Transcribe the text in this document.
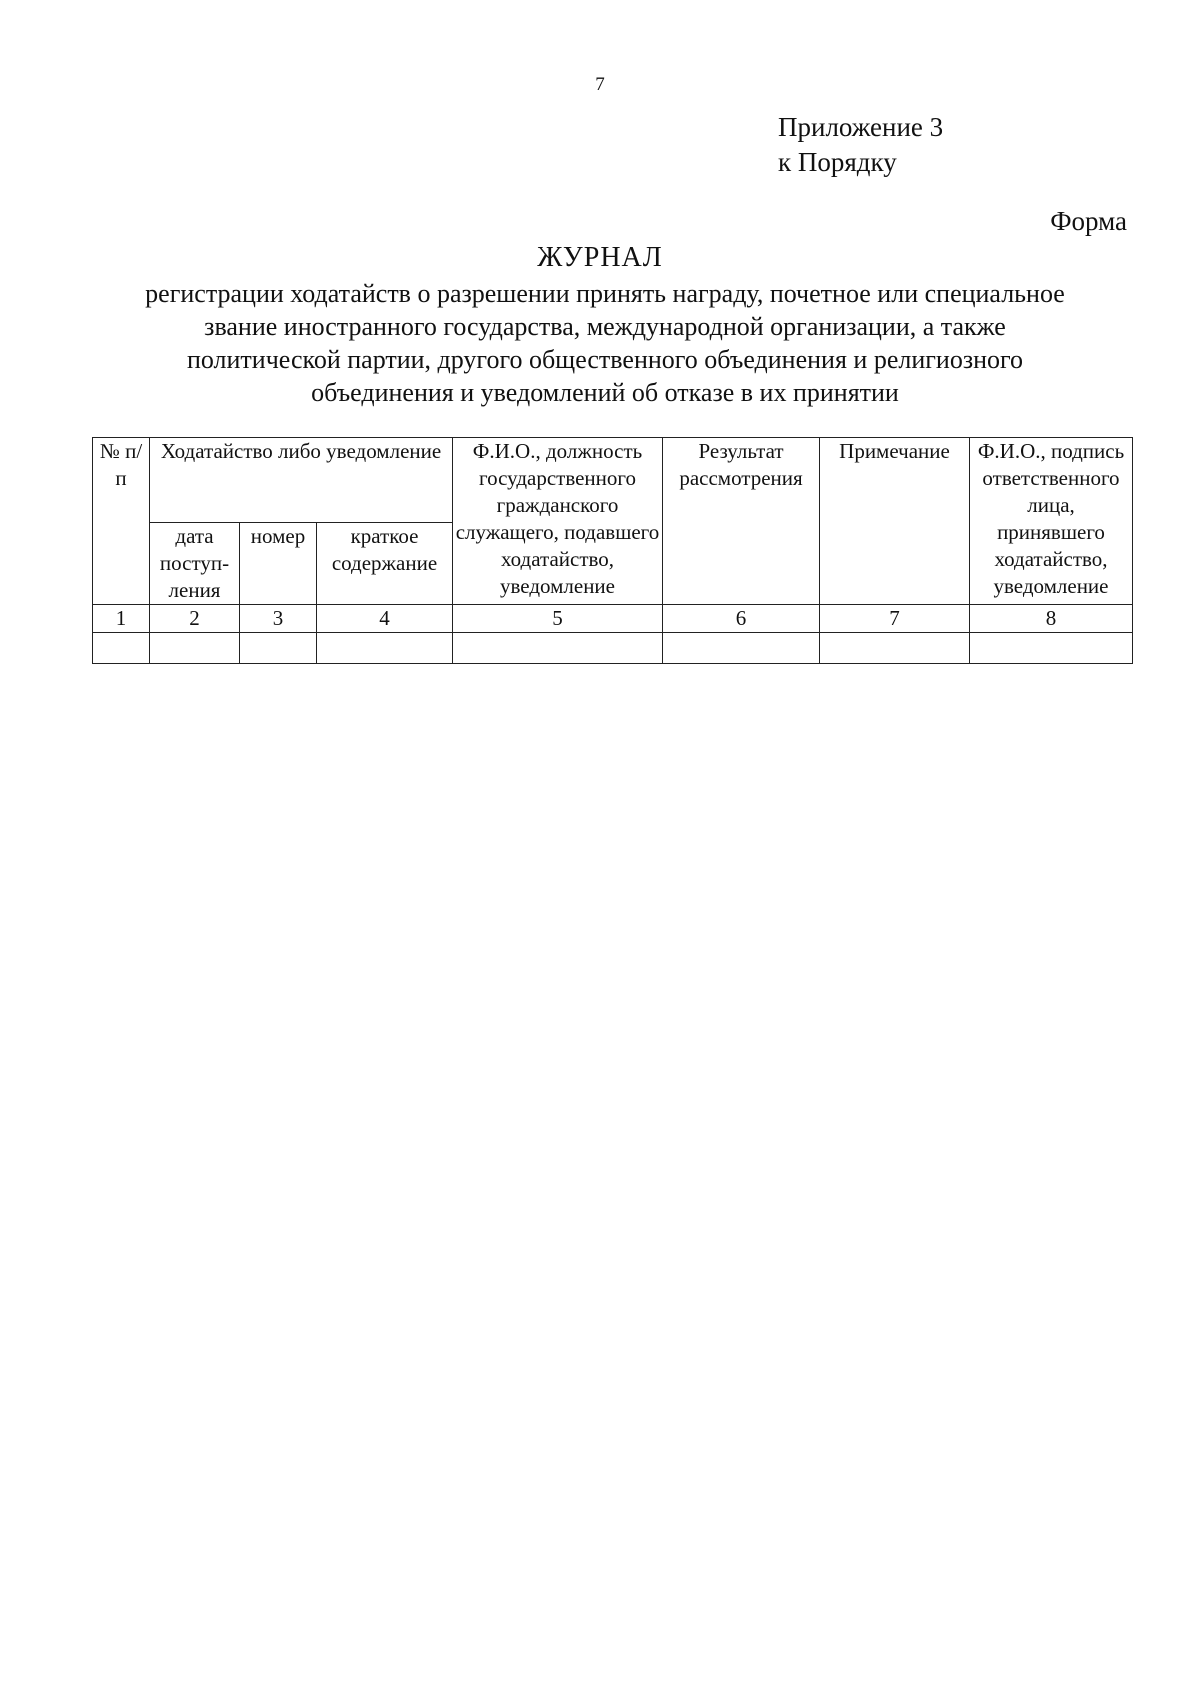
7
Приложение 3
к Порядку
Форма
ЖУРНАЛ
регистрации ходатайств о разрешении принять награду, почетное или специальное
звание иностранного государства, международной организации, а также
политической партии, другого общественного объединения и религиозного
объединения и уведомлений об отказе в их принятии
№ п/п	Ходатайство либо уведомление			Ф.И.О., должность государственного гражданского служащего, подавшего ходатайство, уведомление	Результат рассмотрения	Примечание	Ф.И.О., подпись ответственного лица, принявшего ходатайство, уведомление
	дата поступ- ления	номер	краткое содержание				
1	2	3	4	5	6	7	8
